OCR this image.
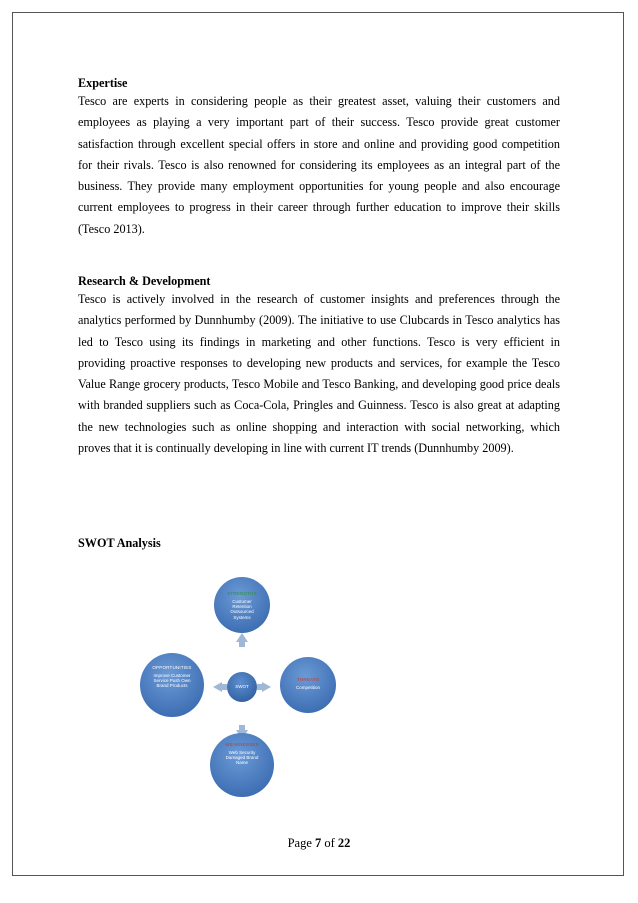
Expertise

Tesco are experts in considering people as their greatest asset, valuing their customers and employees as playing a very important part of their success. Tesco provide great customer satisfaction through excellent special offers in store and online and providing good competition for their rivals. Tesco is also renowned for considering its employees as an integral part of the business. They provide many employment opportunities for young people and also encourage current employees to progress in their career through further education to improve their skills (Tesco 2013).

Research & Development

Tesco is actively involved in the research of customer insights and preferences through the analytics performed by Dunnhumby (2009). The initiative to use Clubcards in Tesco analytics has led to Tesco using its findings in marketing and other functions. Tesco is very efficient in providing proactive responses to developing new products and services, for example the Tesco Value Range grocery products, Tesco Mobile and Tesco Banking, and developing good price deals with branded suppliers such as Coca-Cola, Pringles and Guinness. Tesco is also great at adapting the new technologies such as online shopping and interaction with social networking, which proves that it is continually developing in line with current IT trends (Dunnhumby 2009).

SWOT Analysis

STRENGTHS
Customer Retention Outsourced Systems
OPPORTUNITIES
Improve Customer Service Push Own Brand Products	SWOT
THREATS
Competition
WEAKNESSES
Web Security Damaged Brand Name
Page 7 of 22
